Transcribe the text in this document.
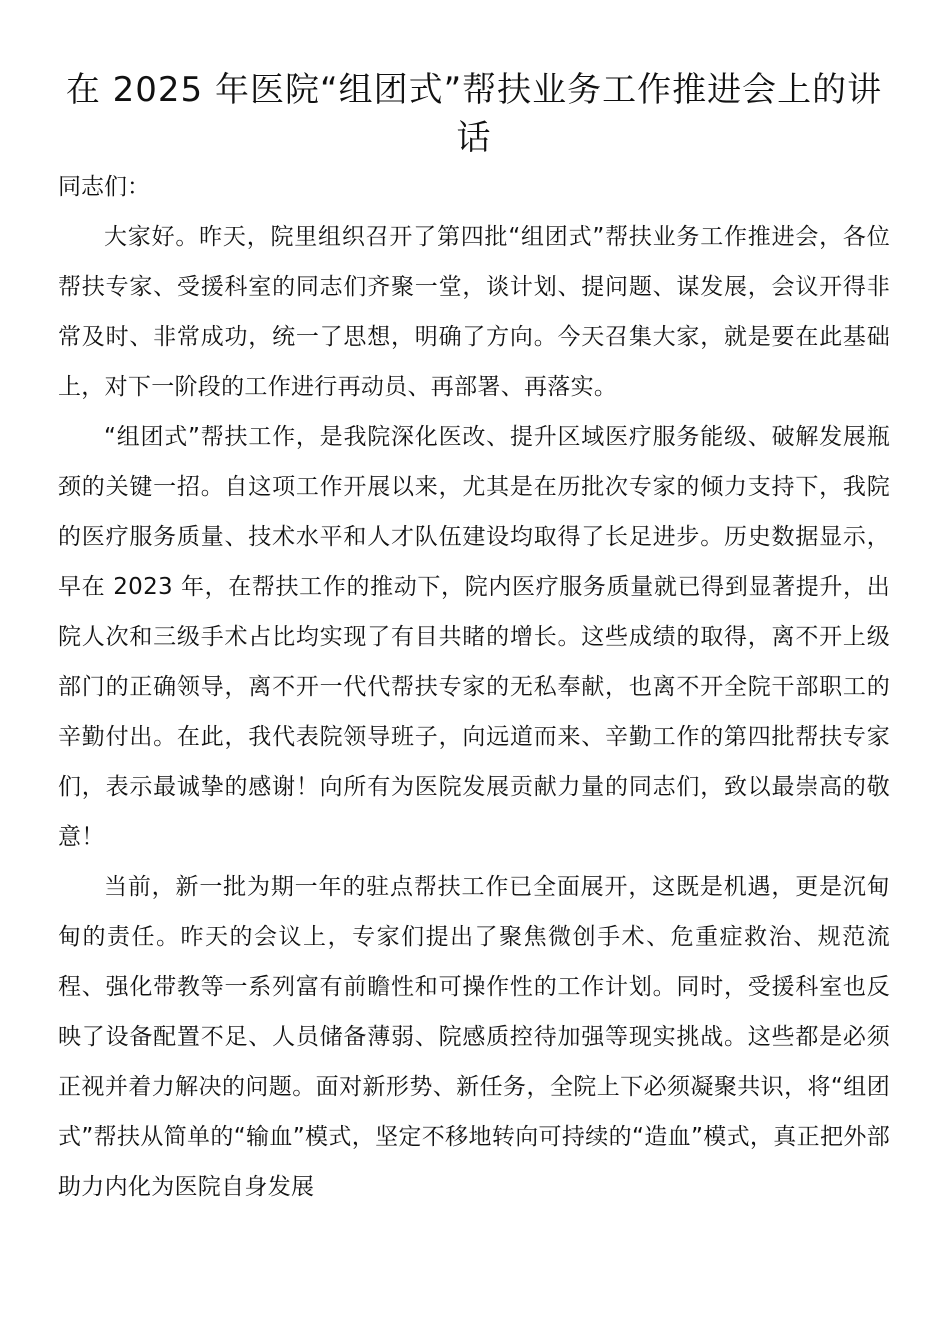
在 2025 年医院“组团式”帮扶业务工作推进会上的讲话

同志们：

大家好。昨天，院里组织召开了第四批“组团式”帮扶业务工作推进会，各位帮扶专家、受援科室的同志们齐聚一堂，谈计划、提问题、谋发展，会议开得非常及时、非常成功，统一了思想，明确了方向。今天召集大家，就是要在此基础上，对下一阶段的工作进行再动员、再部署、再落实。

“组团式”帮扶工作，是我院深化医改、提升区域医疗服务能级、破解发展瓶颈的关键一招。自这项工作开展以来，尤其是在历批次专家的倾力支持下，我院的医疗服务质量、技术水平和人才队伍建设均取得了长足进步。历史数据显示，早在 2023 年，在帮扶工作的推动下，院内医疗服务质量就已得到显著提升，出院人次和三级手术占比均实现了有目共睹的增长。这些成绩的取得，离不开上级部门的正确领导，离不开一代代帮扶专家的无私奉献，也离不开全院干部职工的辛勤付出。在此，我代表院领导班子，向远道而来、辛勤工作的第四批帮扶专家们，表示最诚挚的感谢！向所有为医院发展贡献力量的同志们，致以最崇高的敬意！

当前，新一批为期一年的驻点帮扶工作已全面展开，这既是机遇，更是沉甸甸的责任。昨天的会议上，专家们提出了聚焦微创手术、危重症救治、规范流程、强化带教等一系列富有前瞻性和可操作性的工作计划。同时，受援科室也反映了设备配置不足、人员储备薄弱、院感质控待加强等现实挑战。这些都是必须正视并着力解决的问题。面对新形势、新任务，全院上下必须凝聚共识，将“组团式”帮扶从简单的“输血”模式，坚定不移地转向可持续的“造血”模式，真正把外部助力内化为医院自身发展
